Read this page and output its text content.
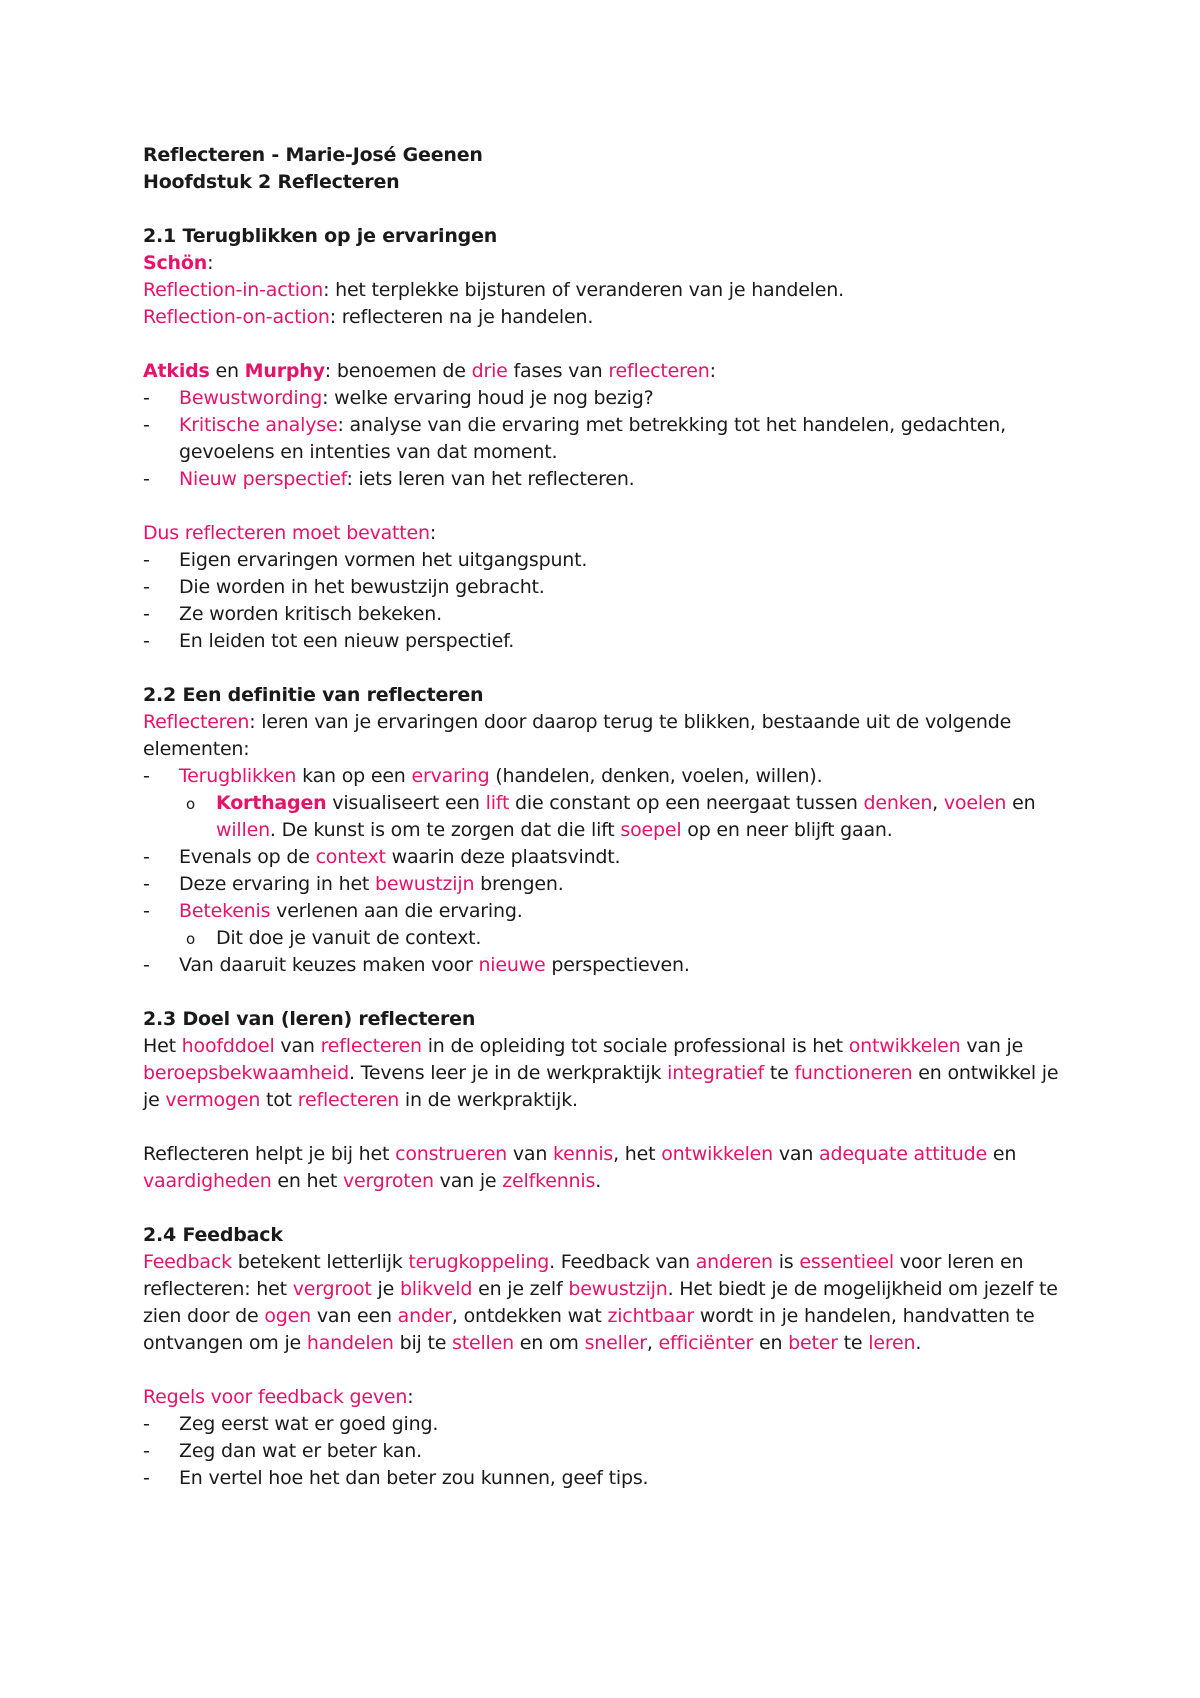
Reflecteren - Marie-José Geenen
Hoofdstuk 2 Reflecteren
2.1 Terugblikken op je ervaringen
Schön:
Reflection-in-action: het terplekke bijsturen of veranderen van je handelen.
Reflection-on-action: reflecteren na je handelen.
Atkids en Murphy: benoemen de drie fases van reflecteren:
- Bewustwording: welke ervaring houd je nog bezig?
- Kritische analyse: analyse van die ervaring met betrekking tot het handelen, gedachten, gevoelens en intenties van dat moment.
- Nieuw perspectief: iets leren van het reflecteren.
Dus reflecteren moet bevatten:
- Eigen ervaringen vormen het uitgangspunt.
- Die worden in het bewustzijn gebracht.
- Ze worden kritisch bekeken.
- En leiden tot een nieuw perspectief.
2.2 Een definitie van reflecteren
Reflecteren: leren van je ervaringen door daarop terug te blikken, bestaande uit de volgende elementen:
- Terugblikken kan op een ervaring (handelen, denken, voelen, willen).
o Korthagen visualiseert een lift die constant op een neergaat tussen denken, voelen en willen. De kunst is om te zorgen dat die lift soepel op en neer blijft gaan.
- Evenals op de context waarin deze plaatsvindt.
- Deze ervaring in het bewustzijn brengen.
- Betekenis verlenen aan die ervaring.
o Dit doe je vanuit de context.
- Van daaruit keuzes maken voor nieuwe perspectieven.
2.3 Doel van (leren) reflecteren
Het hoofddoel van reflecteren in de opleiding tot sociale professional is het ontwikkelen van je beroepsbekwaamheid. Tevens leer je in de werkpraktijk integratief te functioneren en ontwikkel je je vermogen tot reflecteren in de werkpraktijk.
Reflecteren helpt je bij het construeren van kennis, het ontwikkelen van adequate attitude en vaardigheden en het vergroten van je zelfkennis.
2.4 Feedback
Feedback betekent letterlijk terugkoppeling. Feedback van anderen is essentieel voor leren en reflecteren: het vergroot je blikveld en je zelf bewustzijn. Het biedt je de mogelijkheid om jezelf te zien door de ogen van een ander, ontdekken wat zichtbaar wordt in je handelen, handvatten te ontvangen om je handelen bij te stellen en om sneller, efficiënter en beter te leren.
Regels voor feedback geven:
- Zeg eerst wat er goed ging.
- Zeg dan wat er beter kan.
- En vertel hoe het dan beter zou kunnen, geef tips.
